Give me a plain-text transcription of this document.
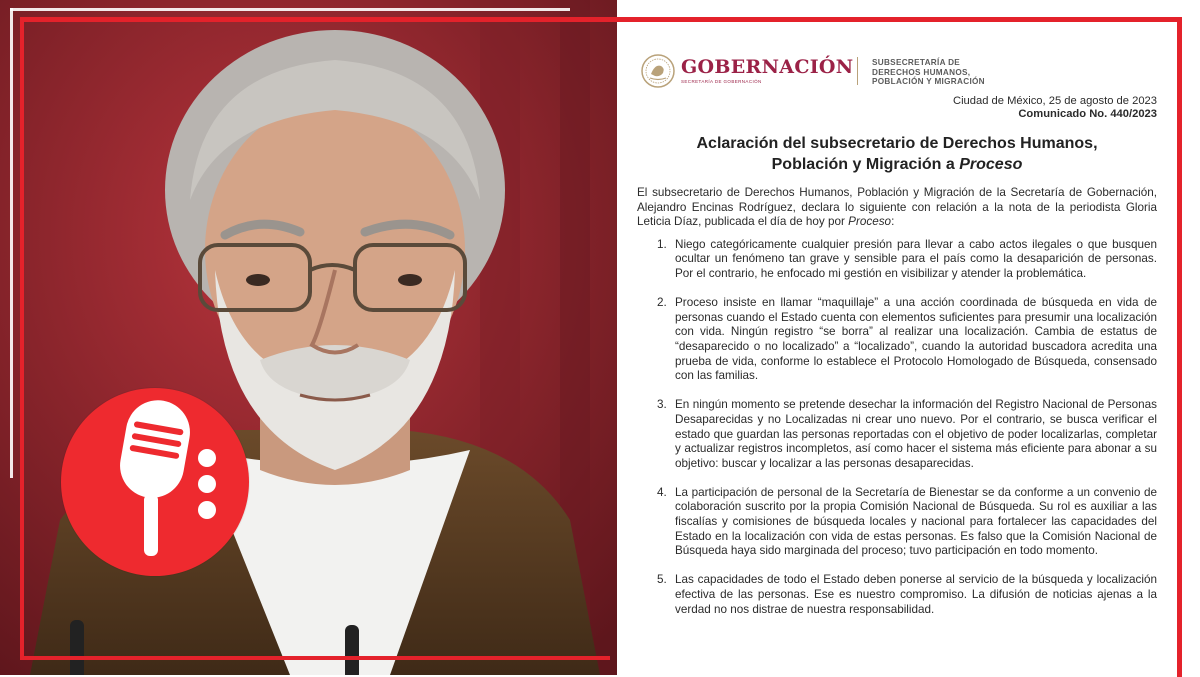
GOBERNACIÓN
SECRETARÍA DE GOBERNACIÓN
SUBSECRETARÍA DE
DERECHOS HUMANOS,
POBLACIÓN Y MIGRACIÓN
Ciudad de México, 25 de agosto de 2023
Comunicado No. 440/2023
Aclaración del subsecretario de Derechos Humanos,
Población y Migración a Proceso

El subsecretario de Derechos Humanos, Población y Migración de la Secretaría de Gobernación, Alejandro Encinas Rodríguez, declara lo siguiente con relación a la nota de la periodista Gloria Leticia Díaz, publicada el día de hoy por Proceso:

1. Niego categóricamente cualquier presión para llevar a cabo actos ilegales o que busquen ocultar un fenómeno tan grave y sensible para el país como la desaparición de personas. Por el contrario, he enfocado mi gestión en visibilizar y atender la problemática.
2. Proceso insiste en llamar “maquillaje” a una acción coordinada de búsqueda en vida de personas cuando el Estado cuenta con elementos suficientes para presumir una localización con vida. Ningún registro “se borra” al realizar una localización. Cambia de estatus de “desaparecido o no localizado” a “localizado”, cuando la autoridad buscadora acredita una prueba de vida, conforme lo establece el Protocolo Homologado de Búsqueda, consensado con las familias.
3. En ningún momento se pretende desechar la información del Registro Nacional de Personas Desaparecidas y no Localizadas ni crear uno nuevo. Por el contrario, se busca verificar el estado que guardan las personas reportadas con el objetivo de poder localizarlas, completar y actualizar registros incompletos, así como hacer el sistema más eficiente para abonar a su objetivo: buscar y localizar a las personas desaparecidas.
4. La participación de personal de la Secretaría de Bienestar se da conforme a un convenio de colaboración suscrito por la propia Comisión Nacional de Búsqueda. Su rol es auxiliar a las fiscalías y comisiones de búsqueda locales y nacional para fortalecer las capacidades del Estado en la localización con vida de estas personas. Es falso que la Comisión Nacional de Búsqueda haya sido marginada del proceso; tuvo participación en todo momento.
5. Las capacidades de todo el Estado deben ponerse al servicio de la búsqueda y localización efectiva de las personas. Ese es nuestro compromiso. La difusión de noticias ajenas a la verdad no nos distrae de nuestra responsabilidad.
